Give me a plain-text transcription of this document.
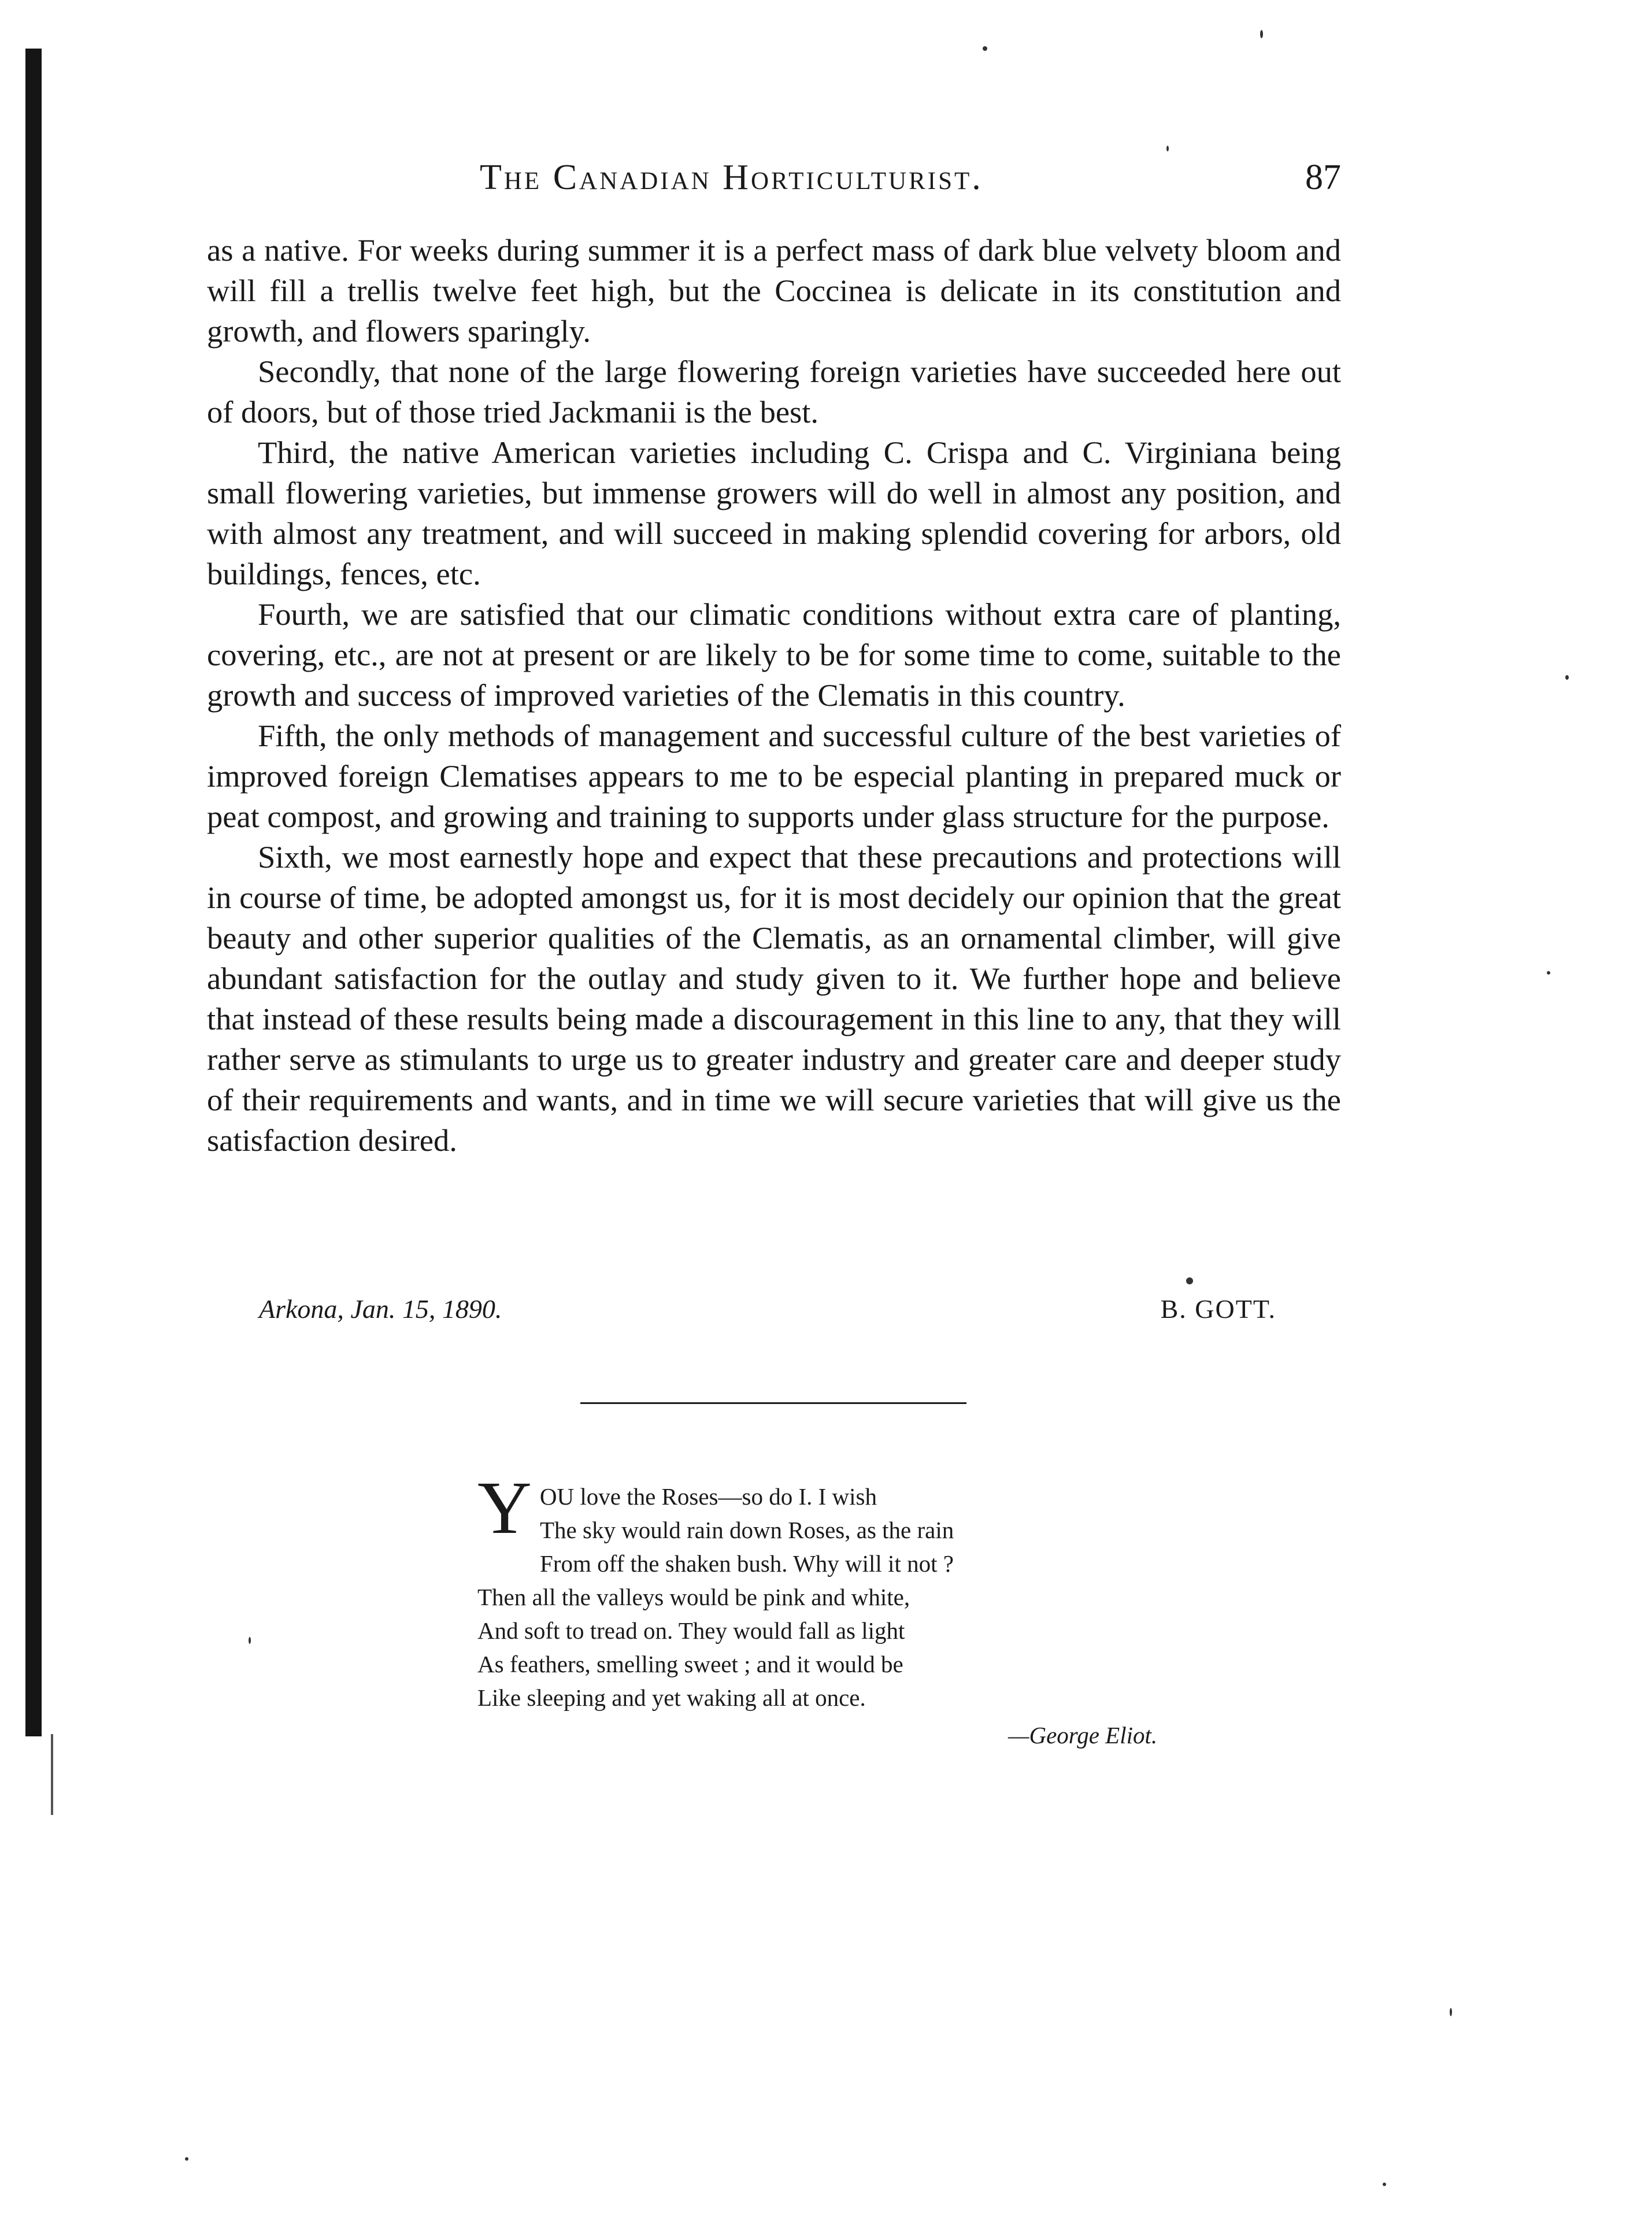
The Canadian Horticulturist.	87

as a native. For weeks during summer it is a perfect mass of dark blue velvety bloom and will fill a trellis twelve feet high, but the Coccinea is delicate in its constitution and growth, and flowers sparingly.

Secondly, that none of the large flowering foreign varieties have succeeded here out of doors, but of those tried Jackmanii is the best.

Third, the native American varieties including C. Crispa and C. Virginiana being small flowering varieties, but immense growers will do well in almost any position, and with almost any treatment, and will succeed in making splendid covering for arbors, old buildings, fences, etc.

Fourth, we are satisfied that our climatic conditions without extra care of planting, covering, etc., are not at present or are likely to be for some time to come, suitable to the growth and success of improved varieties of the Clematis in this country.

Fifth, the only methods of management and successful culture of the best varieties of improved foreign Clematises appears to me to be especial planting in prepared muck or peat compost, and growing and training to supports under glass structure for the purpose.

Sixth, we most earnestly hope and expect that these precautions and protections will in course of time, be adopted amongst us, for it is most decidely our opinion that the great beauty and other superior qualities of the Clematis, as an ornamental climber, will give abundant satisfaction for the outlay and study given to it. We further hope and believe that instead of these results being made a discouragement in this line to any, that they will rather serve as stimulants to urge us to greater industry and greater care and deeper study of their requirements and wants, and in time we will secure varieties that will give us the satisfaction desired.

Arkona, Jan. 15, 1890.	B. GOTT.
Y OU love the Roses—so do I. I wish
The sky would rain down Roses, as the rain
From off the shaken bush. Why will it not ?
Then all the valleys would be pink and white,
And soft to tread on. They would fall as light
As feathers, smelling sweet ; and it would be
Like sleeping and yet waking all at once.
—George Eliot.
